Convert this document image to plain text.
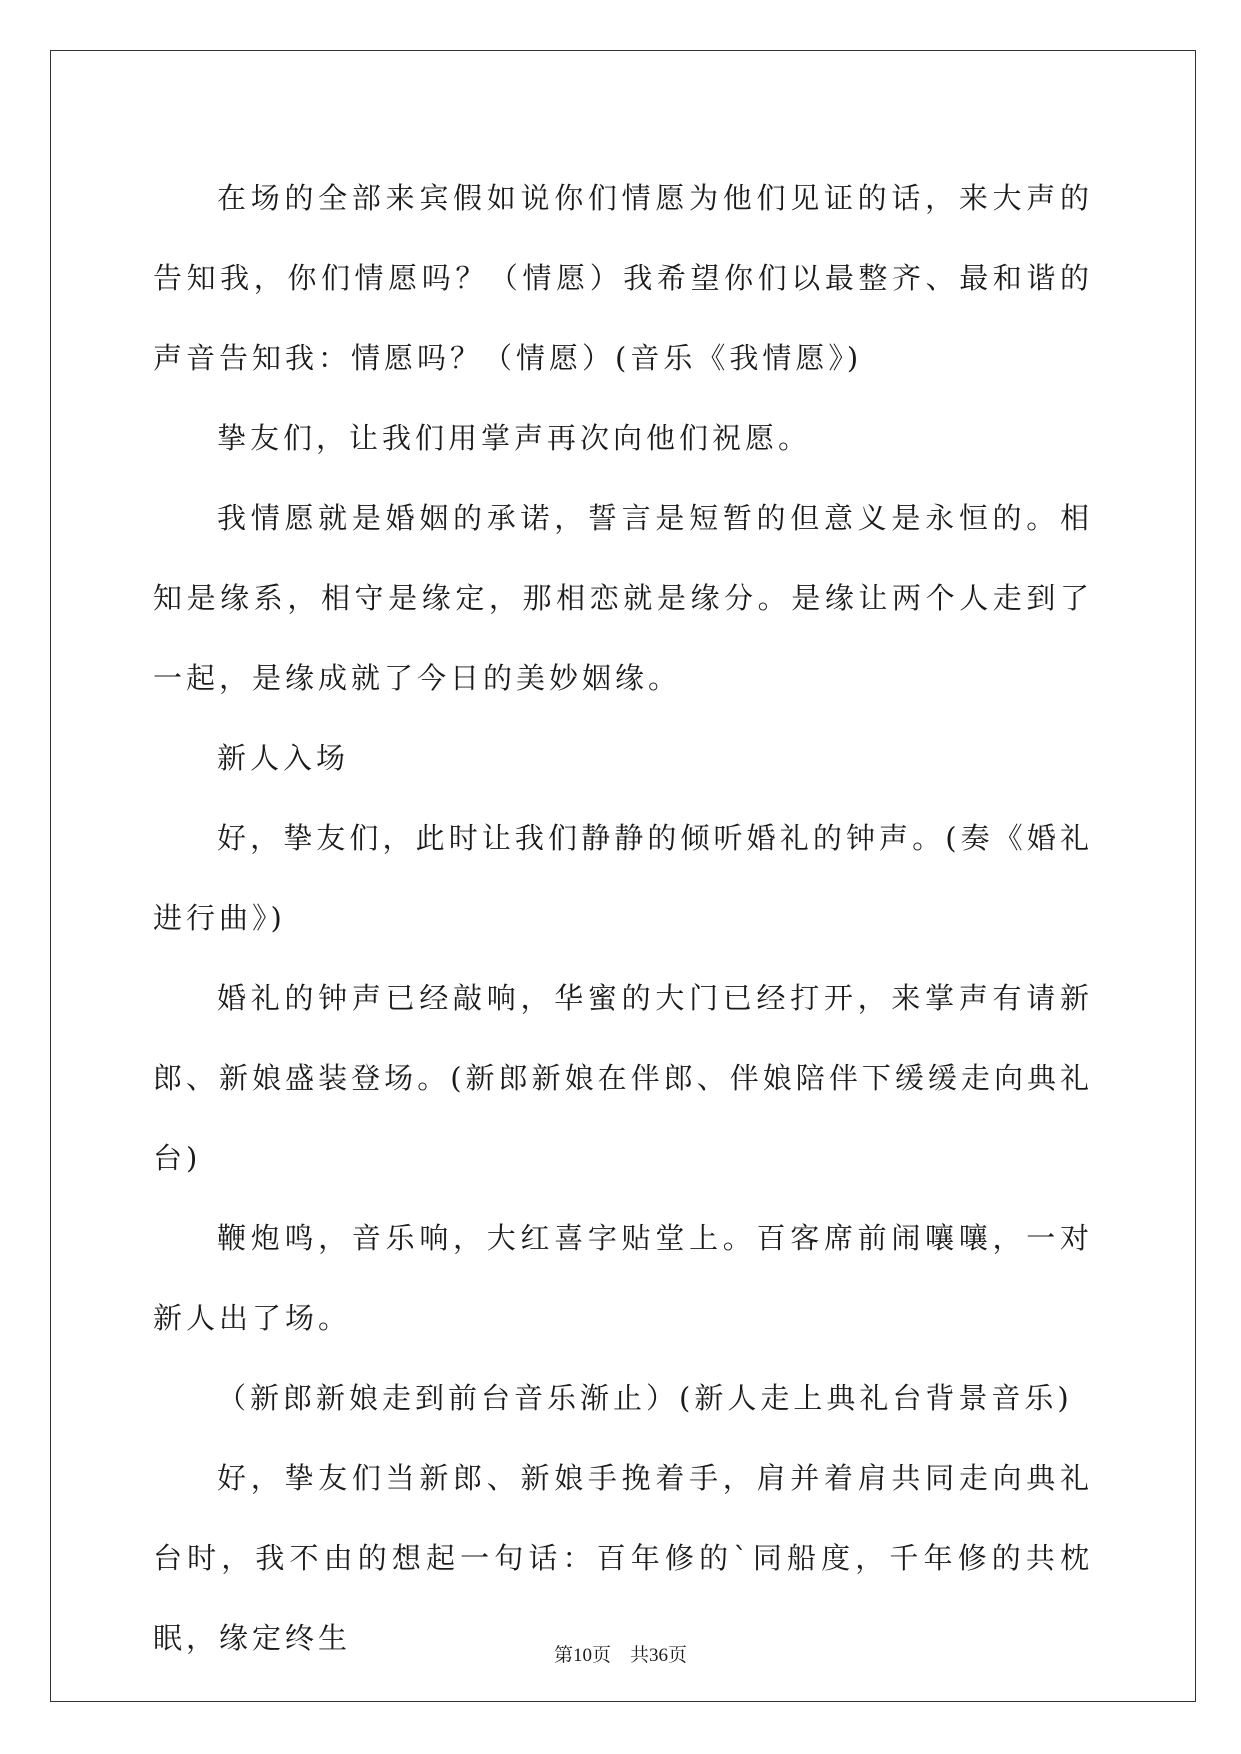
在场的全部来宾假如说你们情愿为他们见证的话，来大声的告知我，你们情愿吗？（情愿）我希望你们以最整齐、最和谐的声音告知我：情愿吗？（情愿）(音乐《我情愿》)

挚友们，让我们用掌声再次向他们祝愿。

我情愿就是婚姻的承诺，誓言是短暂的但意义是永恒的。相知是缘系，相守是缘定，那相恋就是缘分。是缘让两个人走到了一起，是缘成就了今日的美妙姻缘。

新人入场

好，挚友们，此时让我们静静的倾听婚礼的钟声。(奏《婚礼进行曲》)

婚礼的钟声已经敲响，华蜜的大门已经打开，来掌声有请新郎、新娘盛装登场。(新郎新娘在伴郎、伴娘陪伴下缓缓走向典礼台)

鞭炮鸣，音乐响，大红喜字贴堂上。百客席前闹嚷嚷，一对新人出了场。

（新郎新娘走到前台音乐渐止）(新人走上典礼台背景音乐)

好，挚友们当新郎、新娘手挽着手，肩并着肩共同走向典礼台时，我不由的想起一句话：百年修的`同船度，千年修的共枕眠，缘定终生

第10页　共36页
